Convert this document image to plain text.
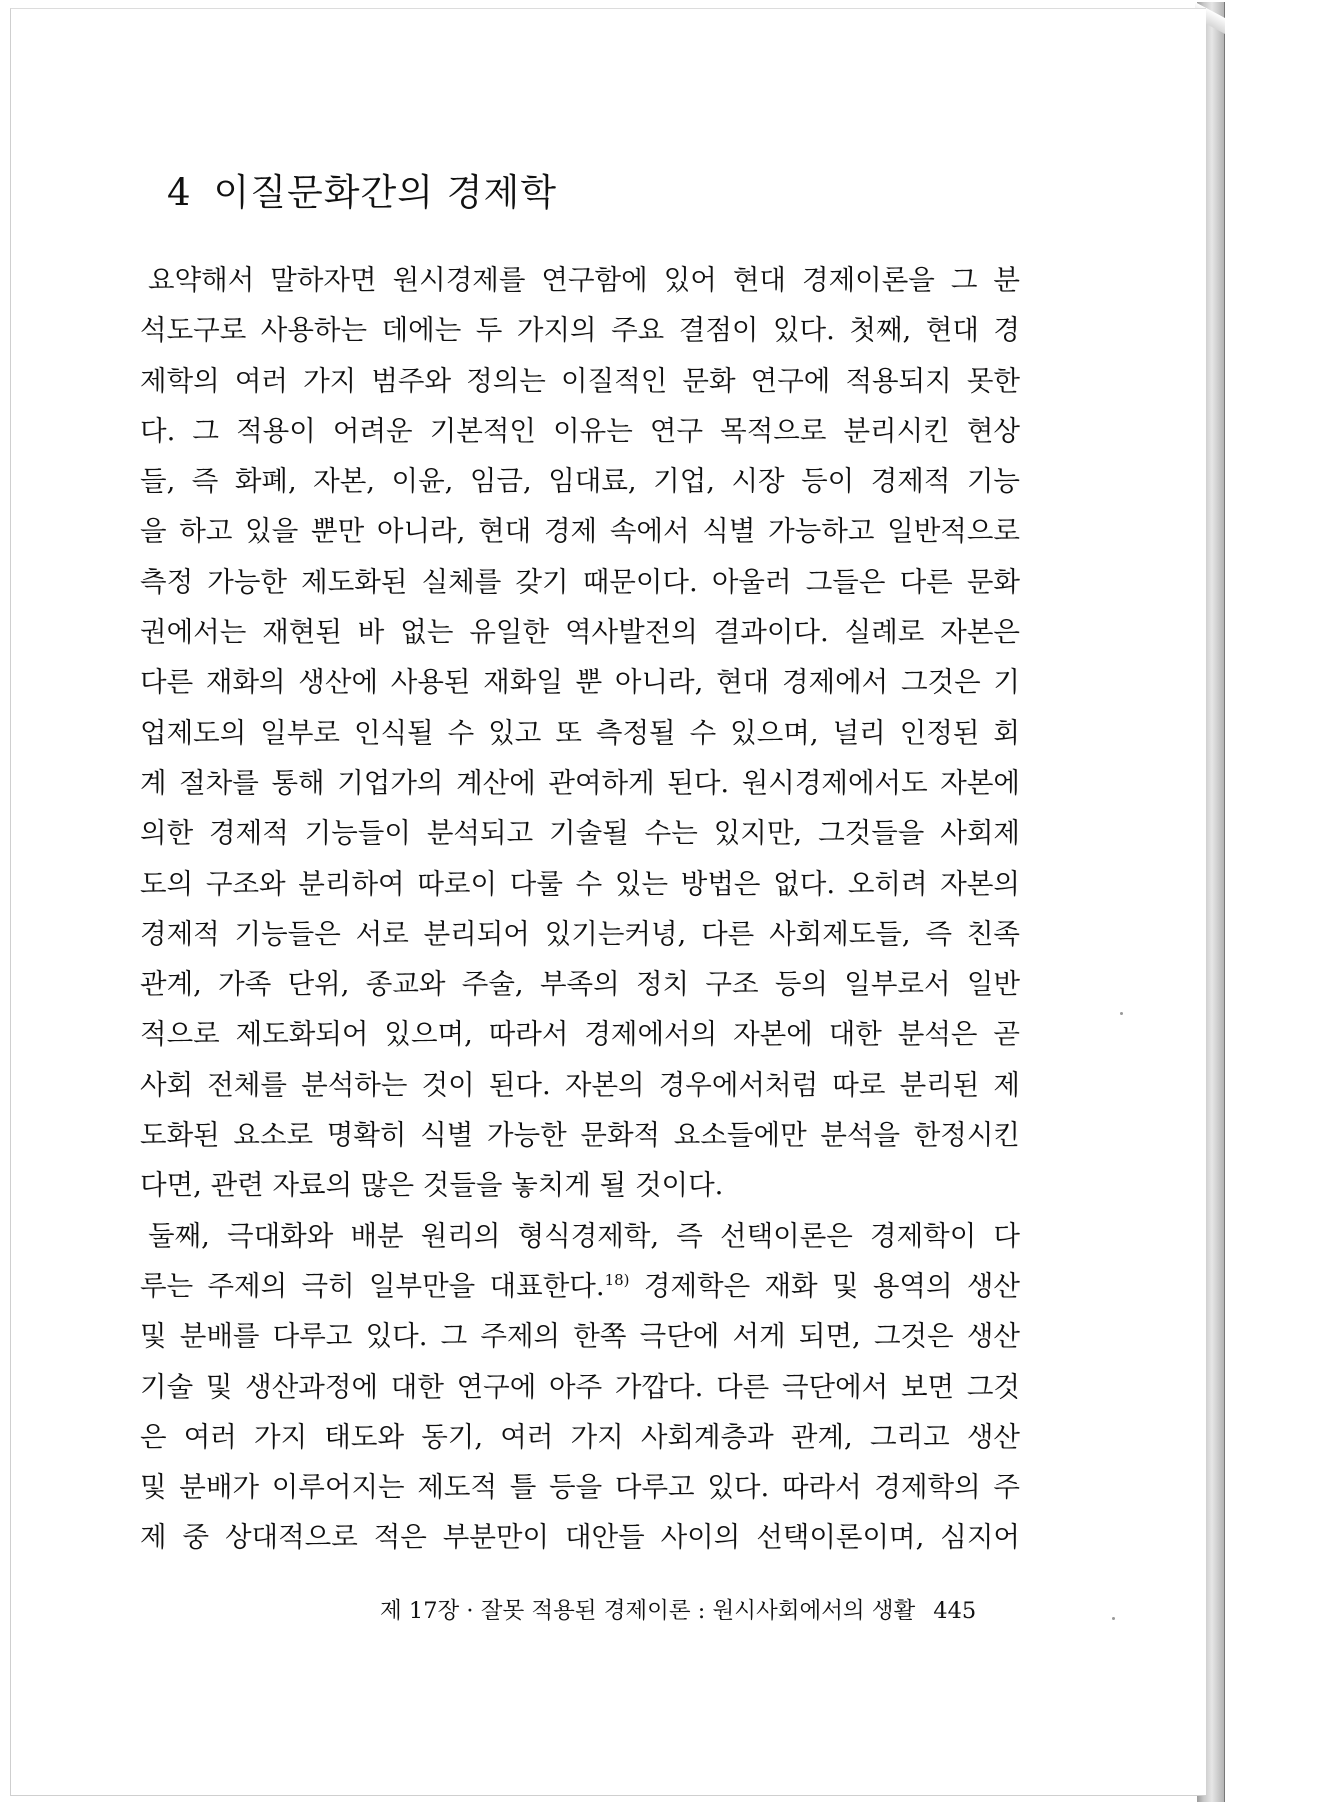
4 이질문화간의 경제학
요약해서 말하자면 원시경제를 연구함에 있어 현대 경제이론을 그 분
석도구로 사용하는 데에는 두 가지의 주요 결점이 있다. 첫째, 현대 경
제학의 여러 가지 범주와 정의는 이질적인 문화 연구에 적용되지 못한
다. 그 적용이 어려운 기본적인 이유는 연구 목적으로 분리시킨 현상
들, 즉 화폐, 자본, 이윤, 임금, 임대료, 기업, 시장 등이 경제적 기능
을 하고 있을 뿐만 아니라, 현대 경제 속에서 식별 가능하고 일반적으로
측정 가능한 제도화된 실체를 갖기 때문이다. 아울러 그들은 다른 문화
권에서는 재현된 바 없는 유일한 역사발전의 결과이다. 실례로 자본은
다른 재화의 생산에 사용된 재화일 뿐 아니라, 현대 경제에서 그것은 기
업제도의 일부로 인식될 수 있고 또 측정될 수 있으며, 널리 인정된 회
계 절차를 통해 기업가의 계산에 관여하게 된다. 원시경제에서도 자본에
의한 경제적 기능들이 분석되고 기술될 수는 있지만, 그것들을 사회제
도의 구조와 분리하여 따로이 다룰 수 있는 방법은 없다. 오히려 자본의
경제적 기능들은 서로 분리되어 있기는커녕, 다른 사회제도들, 즉 친족
관계, 가족 단위, 종교와 주술, 부족의 정치 구조 등의 일부로서 일반
적으로 제도화되어 있으며, 따라서 경제에서의 자본에 대한 분석은 곧
사회 전체를 분석하는 것이 된다. 자본의 경우에서처럼 따로 분리된 제
도화된 요소로 명확히 식별 가능한 문화적 요소들에만 분석을 한정시킨
다면, 관련 자료의 많은 것들을 놓치게 될 것이다.
둘째, 극대화와 배분 원리의 형식경제학, 즉 선택이론은 경제학이 다
루는 주제의 극히 일부만을 대표한다.$^{18)}$ 경제학은 재화 및 용역의 생산
및 분배를 다루고 있다. 그 주제의 한쪽 극단에 서게 되면, 그것은 생산
기술 및 생산과정에 대한 연구에 아주 가깝다. 다른 극단에서 보면 그것
은 여러 가지 태도와 동기, 여러 가지 사회계층과 관계, 그리고 생산
및 분배가 이루어지는 제도적 틀 등을 다루고 있다. 따라서 경제학의 주
제 중 상대적으로 적은 부분만이 대안들 사이의 선택이론이며, 심지어
제 17장 · 잘못 적용된 경제이론 : 원시사회에서의 생활 445
